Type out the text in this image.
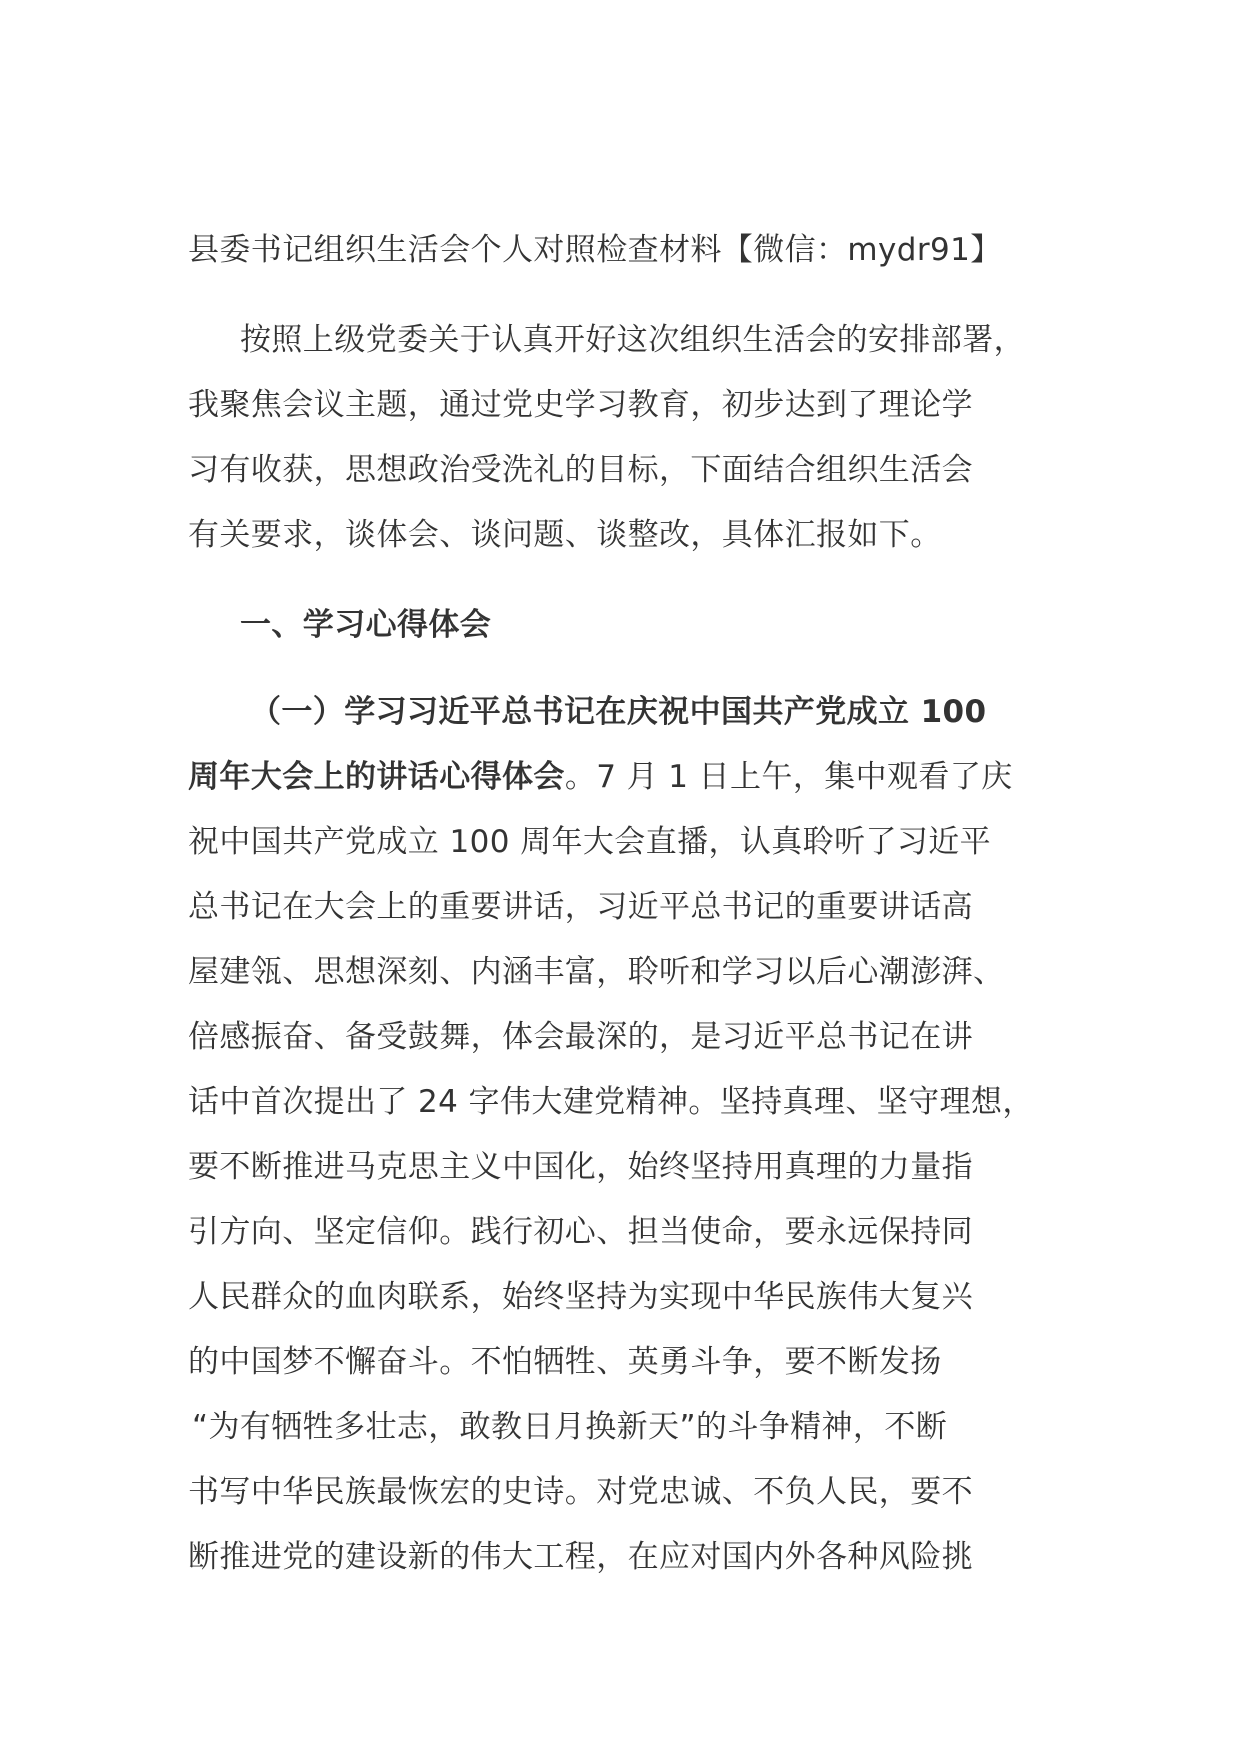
县委书记组织生活会个人对照检查材料【微信：mydr91】
按照上级党委关于认真开好这次组织生活会的安排部署，
我聚焦会议主题，通过党史学习教育，初步达到了理论学
习有收获，思想政治受洗礼的目标，下面结合组织生活会
有关要求，谈体会、谈问题、谈整改，具体汇报如下。
一、学习心得体会
（一）学习习近平总书记在庆祝中国共产党成立 100
周年大会上的讲话心得体会。7 月 1 日上午，集中观看了庆
祝中国共产党成立 100 周年大会直播，认真聆听了习近平
总书记在大会上的重要讲话，习近平总书记的重要讲话高
屋建瓴、思想深刻、内涵丰富，聆听和学习以后心潮澎湃、
倍感振奋、备受鼓舞，体会最深的，是习近平总书记在讲
话中首次提出了 24 字伟大建党精神。坚持真理、坚守理想，
要不断推进马克思主义中国化，始终坚持用真理的力量指
引方向、坚定信仰。践行初心、担当使命，要永远保持同
人民群众的血肉联系，始终坚持为实现中华民族伟大复兴
的中国梦不懈奋斗。不怕牺牲、英勇斗争，要不断发扬
“为有牺牲多壮志，敢教日月换新天”的斗争精神，不断
书写中华民族最恢宏的史诗。对党忠诚、不负人民，要不
断推进党的建设新的伟大工程，在应对国内外各种风险挑
